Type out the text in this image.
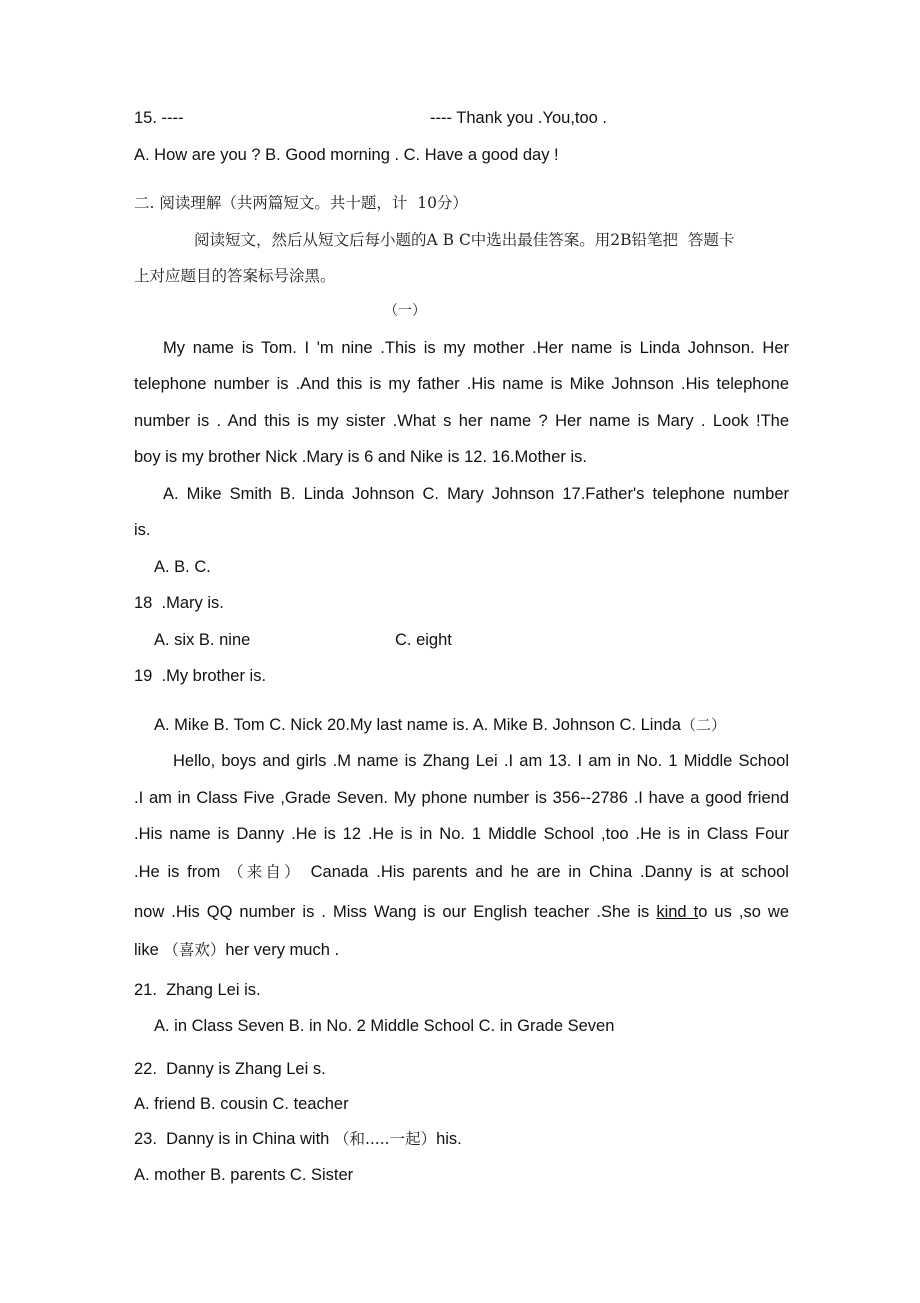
15. ----	---- Thank you .You,too .
A. How are you ? B. Good morning . C. Have a good day !
二. 阅读理解（共两篇短文。共十题，计  10分）
阅读短文，然后从短文后每小题的A B C中选出最佳答案。用2B铅笔把  答题卡
上对应题目的答案标号涂黑。
（一）
My name is Tom. I 'm nine .This is my mother .Her name is Linda Johnson. Her
telephone number is .And this is my father .His name is Mike Johnson .His telephone
number is . And this is my sister .What s her name ? Her name is Mary . Look !The
boy is my brother Nick .Mary is 6 and Nike is 12. 16.Mother is.
A. Mike Smith B. Linda Johnson C. Mary Johnson 17.Father's telephone number
is.
A. B. C.
18  .Mary is.
A. six B. nine	C. eight
19  .My brother is.
A. Mike B. Tom C. Nick 20.My last name is. A. Mike B. Johnson C. Linda（二）
Hello, boys and girls .M name is Zhang Lei .I am 13. I am in No. 1 Middle School
.I am in Class Five ,Grade Seven. My phone number is 356--2786 .I have a good friend
.His name is Danny .He is 12 .He is in No. 1 Middle School ,too .He is in Class Four
.He is from （来自） Canada .His parents and he are in China .Danny is at school
now .His QQ number is . Miss Wang is our English teacher .She is kind to us ,so we
like （喜欢）her very much .
21.  Zhang Lei is.
A. in Class Seven B. in No. 2 Middle School C. in Grade Seven
22.  Danny is Zhang Lei s.
A. friend B. cousin C. teacher
23.  Danny is in China with （和.....一起）his.
A. mother B. parents C. Sister
